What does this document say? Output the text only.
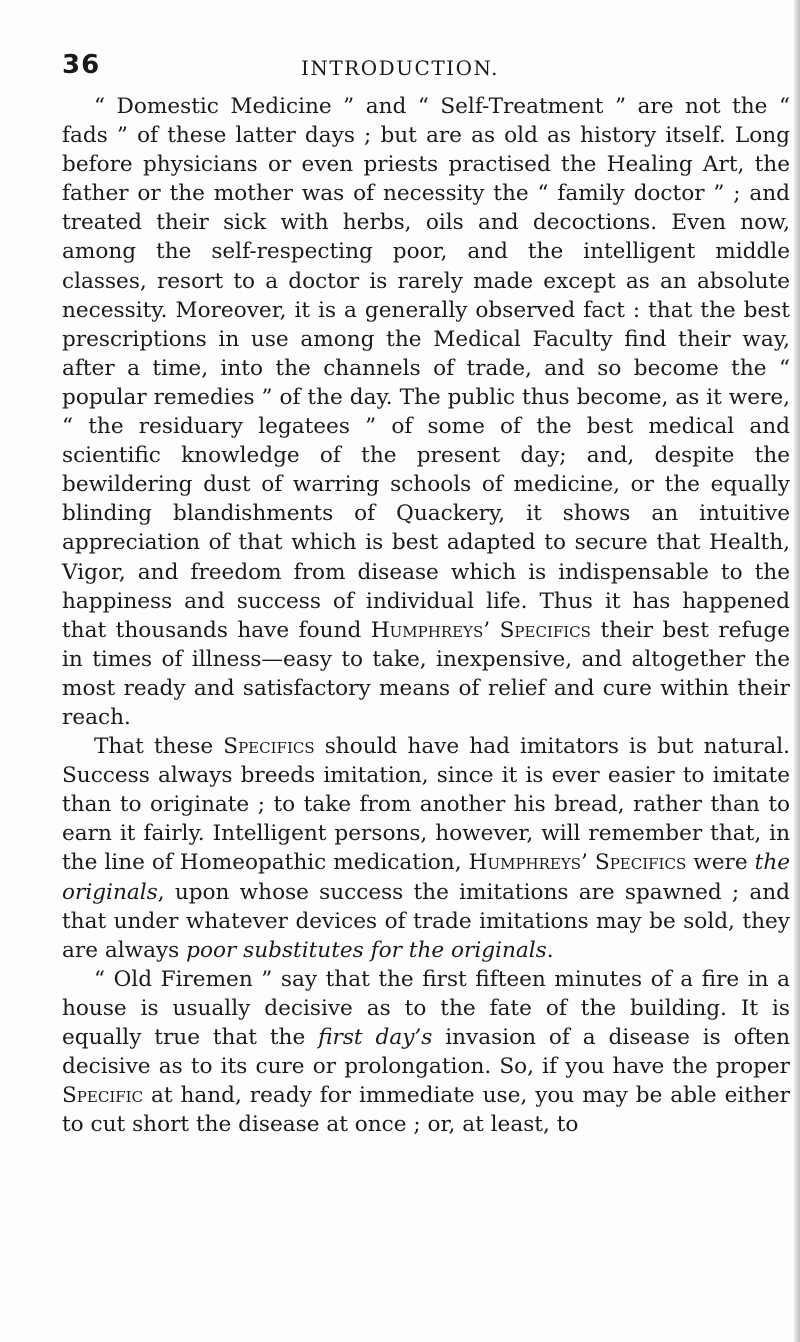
36	INTRODUCTION.

“ Domestic Medicine ” and “ Self-Treatment ” are not the “ fads ” of these latter days ; but are as old as history itself. Long before physicians or even priests practised the Healing Art, the father or the mother was of necessity the “ family doctor ” ; and treated their sick with herbs, oils and decoctions. Even now, among the self-respecting poor, and the intelligent middle classes, resort to a doctor is rarely made except as an absolute necessity. Moreover, it is a generally observed fact : that the best prescriptions in use among the Medical Faculty find their way, after a time, into the channels of trade, and so become the “ popular remedies ” of the day. The public thus become, as it were, “ the residuary legatees ” of some of the best medical and scientific knowledge of the present day; and, despite the bewildering dust of warring schools of medicine, or the equally blinding blandishments of Quackery, it shows an intuitive appreciation of that which is best adapted to secure that Health, Vigor, and freedom from disease which is indispensable to the happiness and success of individual life. Thus it has happened that thousands have found Humphreys’ Specifics their best refuge in times of illness—easy to take, inexpensive, and altogether the most ready and satisfactory means of relief and cure within their reach.

That these Specifics should have had imitators is but natural. Success always breeds imitation, since it is ever easier to imitate than to originate ; to take from another his bread, rather than to earn it fairly. Intelligent persons, however, will remember that, in the line of Homeopathic medication, Humphreys’ Specifics were the originals, upon whose success the imitations are spawned ; and that under whatever devices of trade imitations may be sold, they are always poor substitutes for the originals.

“ Old Firemen ” say that the first fifteen minutes of a fire in a house is usually decisive as to the fate of the building. It is equally true that the first day’s invasion of a disease is often decisive as to its cure or prolongation. So, if you have the proper Specific at hand, ready for immediate use, you may be able either to cut short the disease at once ; or, at least, to
